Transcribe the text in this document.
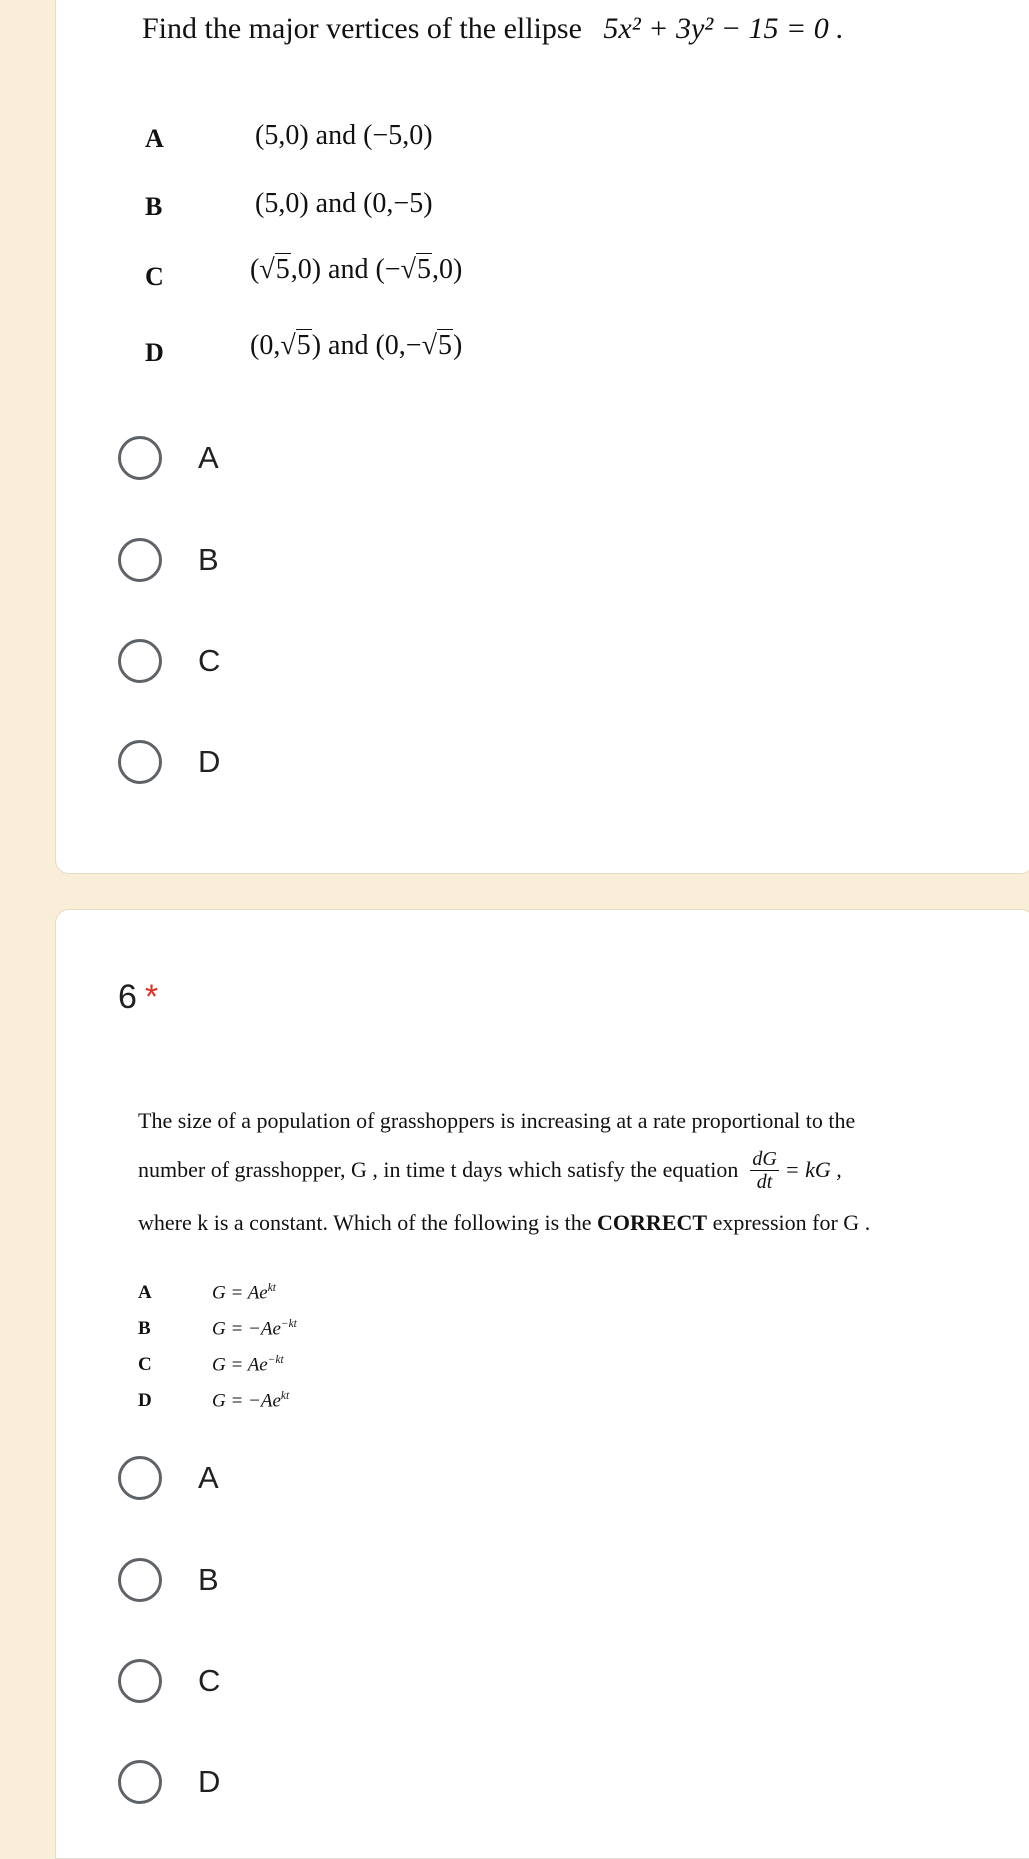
Find the major vertices of the ellipse 5x² + 3y² − 15 = 0 .
A	(5,0) and (−5,0)
B	(5,0) and (0,−5)
C	(√5,0) and (−√5,0)
D	(0,√5) and (0,−√5)
A
B
C
D
6 *
The size of a population of grasshoppers is increasing at a rate proportional to the
number of grasshopper, G , in time t days which satisfy the equation $\frac{dG}{dt}$ = kG ,
where k is a constant. Which of the following is the CORRECT expression for G .
A	$G = Ae^{kt}$
B	$G = -Ae^{-kt}$
C	$G = Ae^{-kt}$
D	$G = -Ae^{kt}$
A
B
C
D
